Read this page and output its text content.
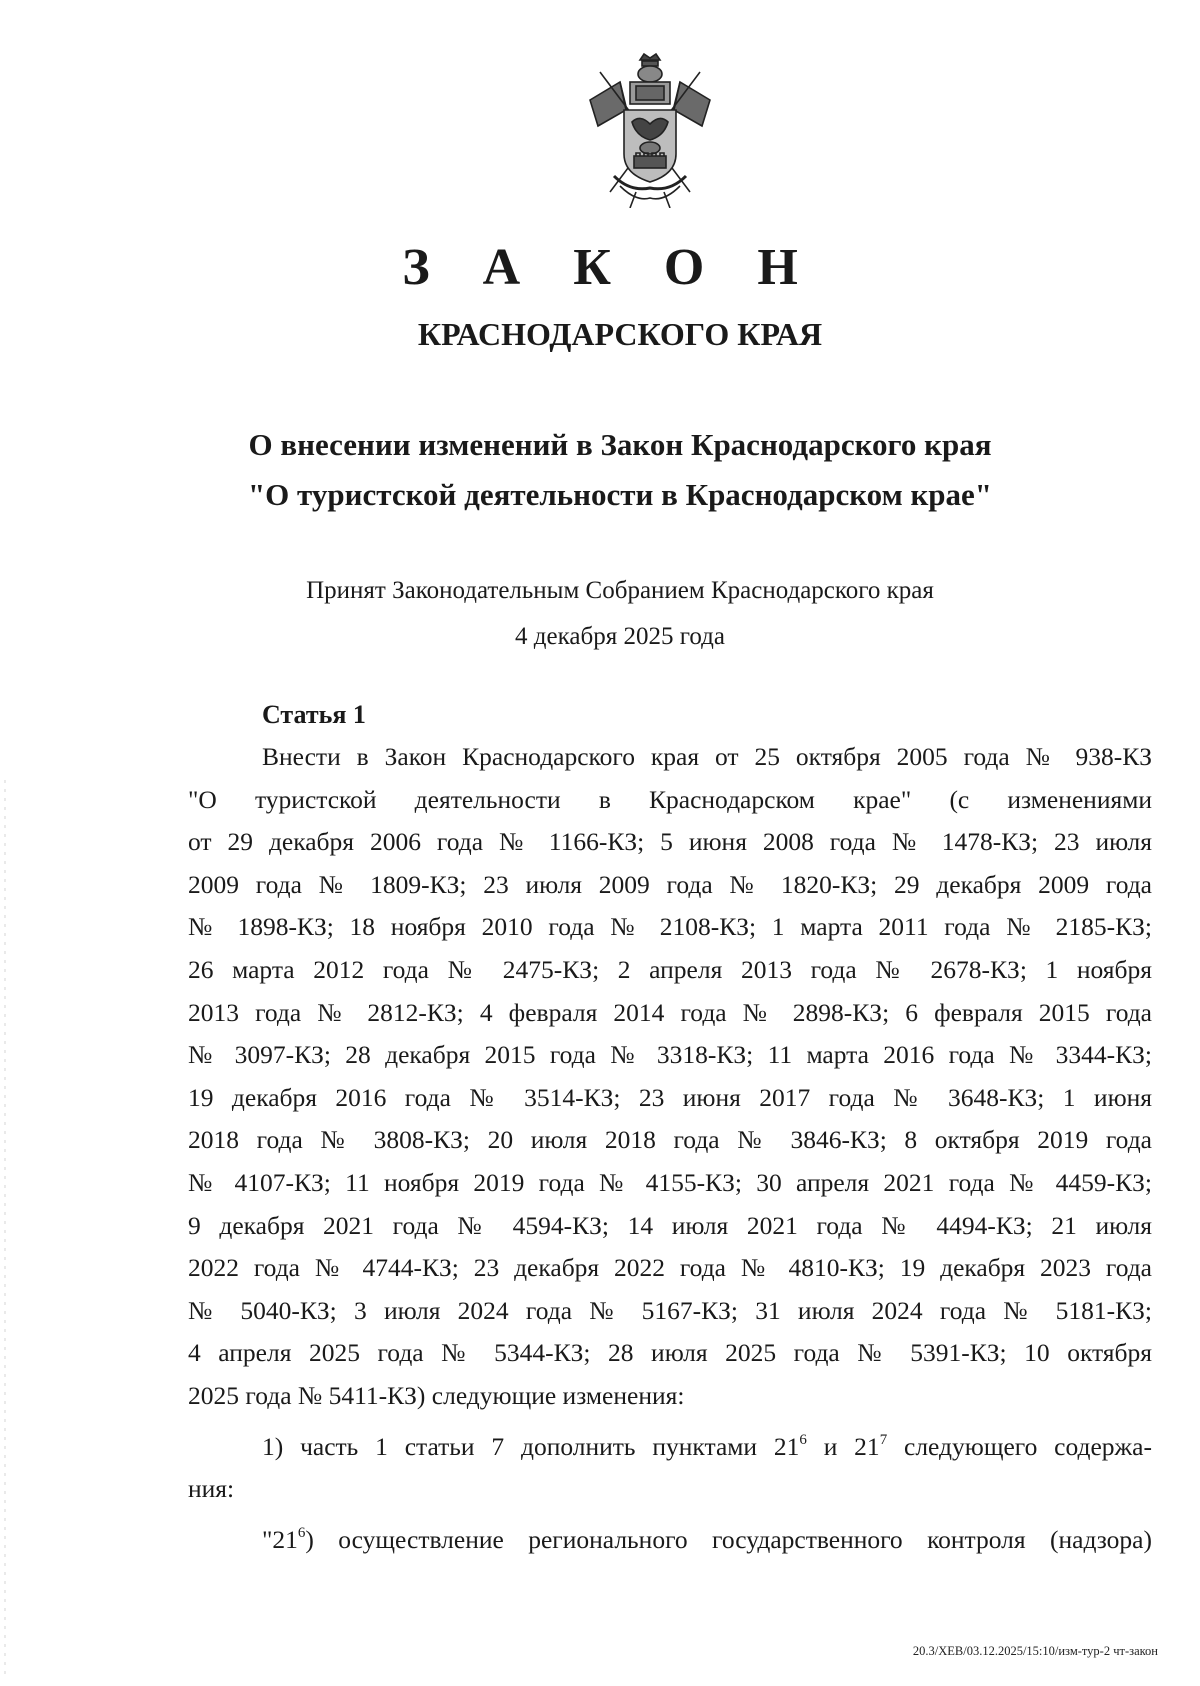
З А К О Н
КРАСНОДАРСКОГО КРАЯ
О внесении изменений в Закон Краснодарского края
"О туристской деятельности в Краснодарском крае"
Принят Законодательным Собранием Краснодарского края
4 декабря 2025 года
Статья 1
Внести в Закон Краснодарского края от 25 октября 2005 года № 938-КЗ
"О туристской деятельности в Краснодарском крае" (с изменениями
от 29 декабря 2006 года № 1166-КЗ; 5 июня 2008 года № 1478-КЗ; 23 июля
2009 года № 1809-КЗ; 23 июля 2009 года № 1820-КЗ; 29 декабря 2009 года
№ 1898-КЗ; 18 ноября 2010 года № 2108-КЗ; 1 марта 2011 года № 2185-КЗ;
26 марта 2012 года № 2475-КЗ; 2 апреля 2013 года № 2678-КЗ; 1 ноября
2013 года № 2812-КЗ; 4 февраля 2014 года № 2898-КЗ; 6 февраля 2015 года
№ 3097-КЗ; 28 декабря 2015 года № 3318-КЗ; 11 марта 2016 года № 3344-КЗ;
19 декабря 2016 года № 3514-КЗ; 23 июня 2017 года № 3648-КЗ; 1 июня
2018 года № 3808-КЗ; 20 июля 2018 года № 3846-КЗ; 8 октября 2019 года
№ 4107-КЗ; 11 ноября 2019 года № 4155-КЗ; 30 апреля 2021 года № 4459-КЗ;
9 декабря 2021 года № 4594-КЗ; 14 июля 2021 года № 4494-КЗ; 21 июля
2022 года № 4744-КЗ; 23 декабря 2022 года № 4810-КЗ; 19 декабря 2023 года
№ 5040-КЗ; 3 июля 2024 года № 5167-КЗ; 31 июля 2024 года № 5181-КЗ;
4 апреля 2025 года № 5344-КЗ; 28 июля 2025 года № 5391-КЗ; 10 октября
2025 года № 5411-КЗ) следующие изменения:
1) часть 1 статьи 7 дополнить пунктами $21^6$ и $21^7$ следующего содержа-
ния:
"$21^6$) осуществление регионального государственного контроля (надзора)
20.3/ХЕВ/03.12.2025/15:10/изм-тур-2 чт-закон
